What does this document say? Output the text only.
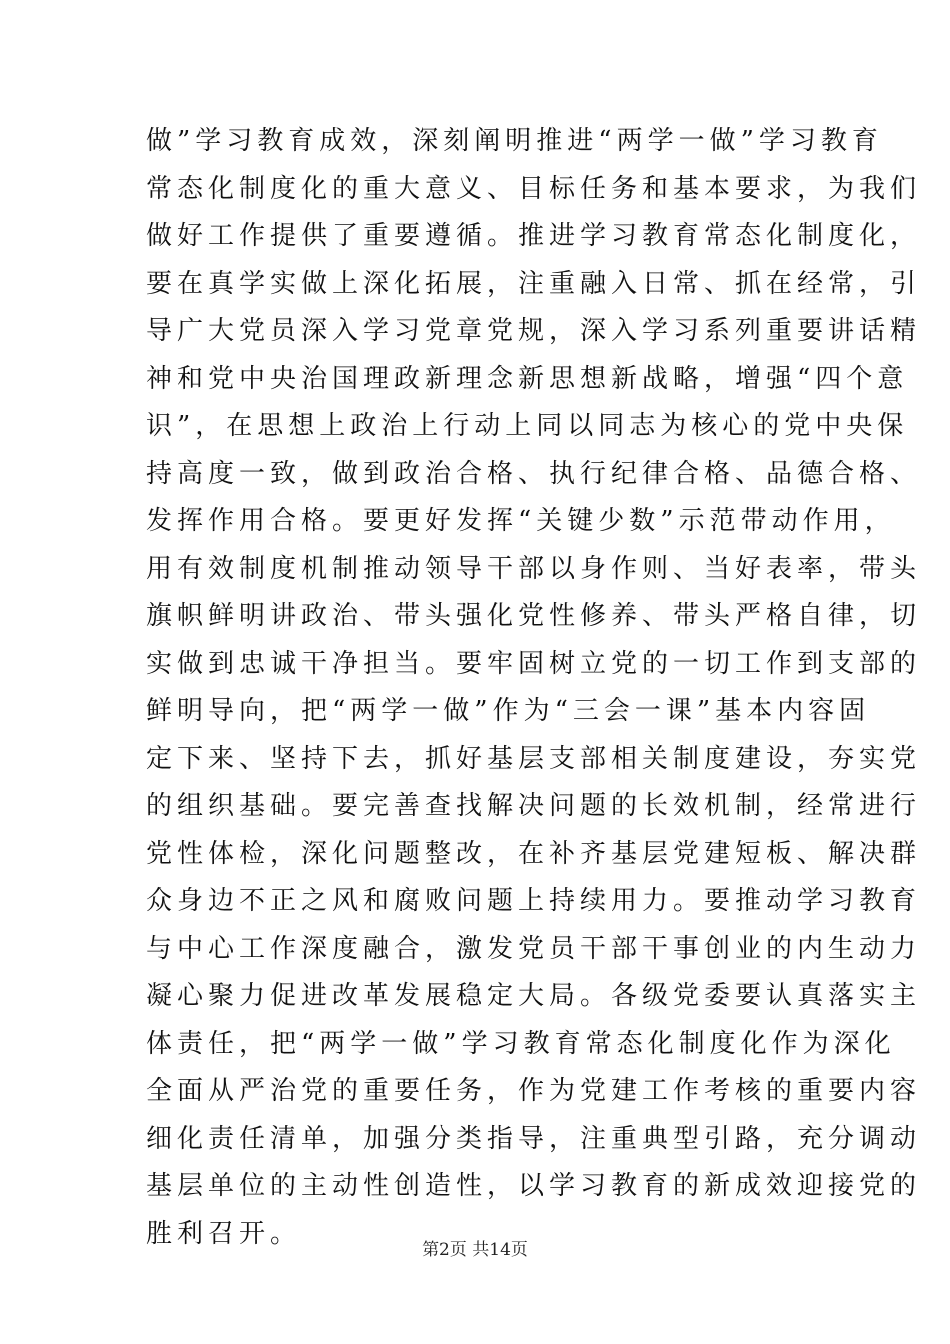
做”学习教育成效，深刻阐明推进“两学一做”学习教育
常态化制度化的重大意义、目标任务和基本要求，为我们
做好工作提供了重要遵循。推进学习教育常态化制度化，
要在真学实做上深化拓展，注重融入日常、抓在经常，引
导广大党员深入学习党章党规，深入学习系列重要讲话精
神和党中央治国理政新理念新思想新战略，增强“四个意
识”，在思想上政治上行动上同以同志为核心的党中央保
持高度一致，做到政治合格、执行纪律合格、品德合格、
发挥作用合格。要更好发挥“关键少数”示范带动作用，
用有效制度机制推动领导干部以身作则、当好表率，带头
旗帜鲜明讲政治、带头强化党性修养、带头严格自律，切
实做到忠诚干净担当。要牢固树立党的一切工作到支部的
鲜明导向，把“两学一做”作为“三会一课”基本内容固
定下来、坚持下去，抓好基层支部相关制度建设，夯实党
的组织基础。要完善查找解决问题的长效机制，经常进行
党性体检，深化问题整改，在补齐基层党建短板、解决群
众身边不正之风和腐败问题上持续用力。要推动学习教育
与中心工作深度融合，激发党员干部干事创业的内生动力
凝心聚力促进改革发展稳定大局。各级党委要认真落实主
体责任，把“两学一做”学习教育常态化制度化作为深化
全面从严治党的重要任务，作为党建工作考核的重要内容
细化责任清单，加强分类指导，注重典型引路，充分调动
基层单位的主动性创造性，以学习教育的新成效迎接党的
胜利召开。
第2页 共14页
